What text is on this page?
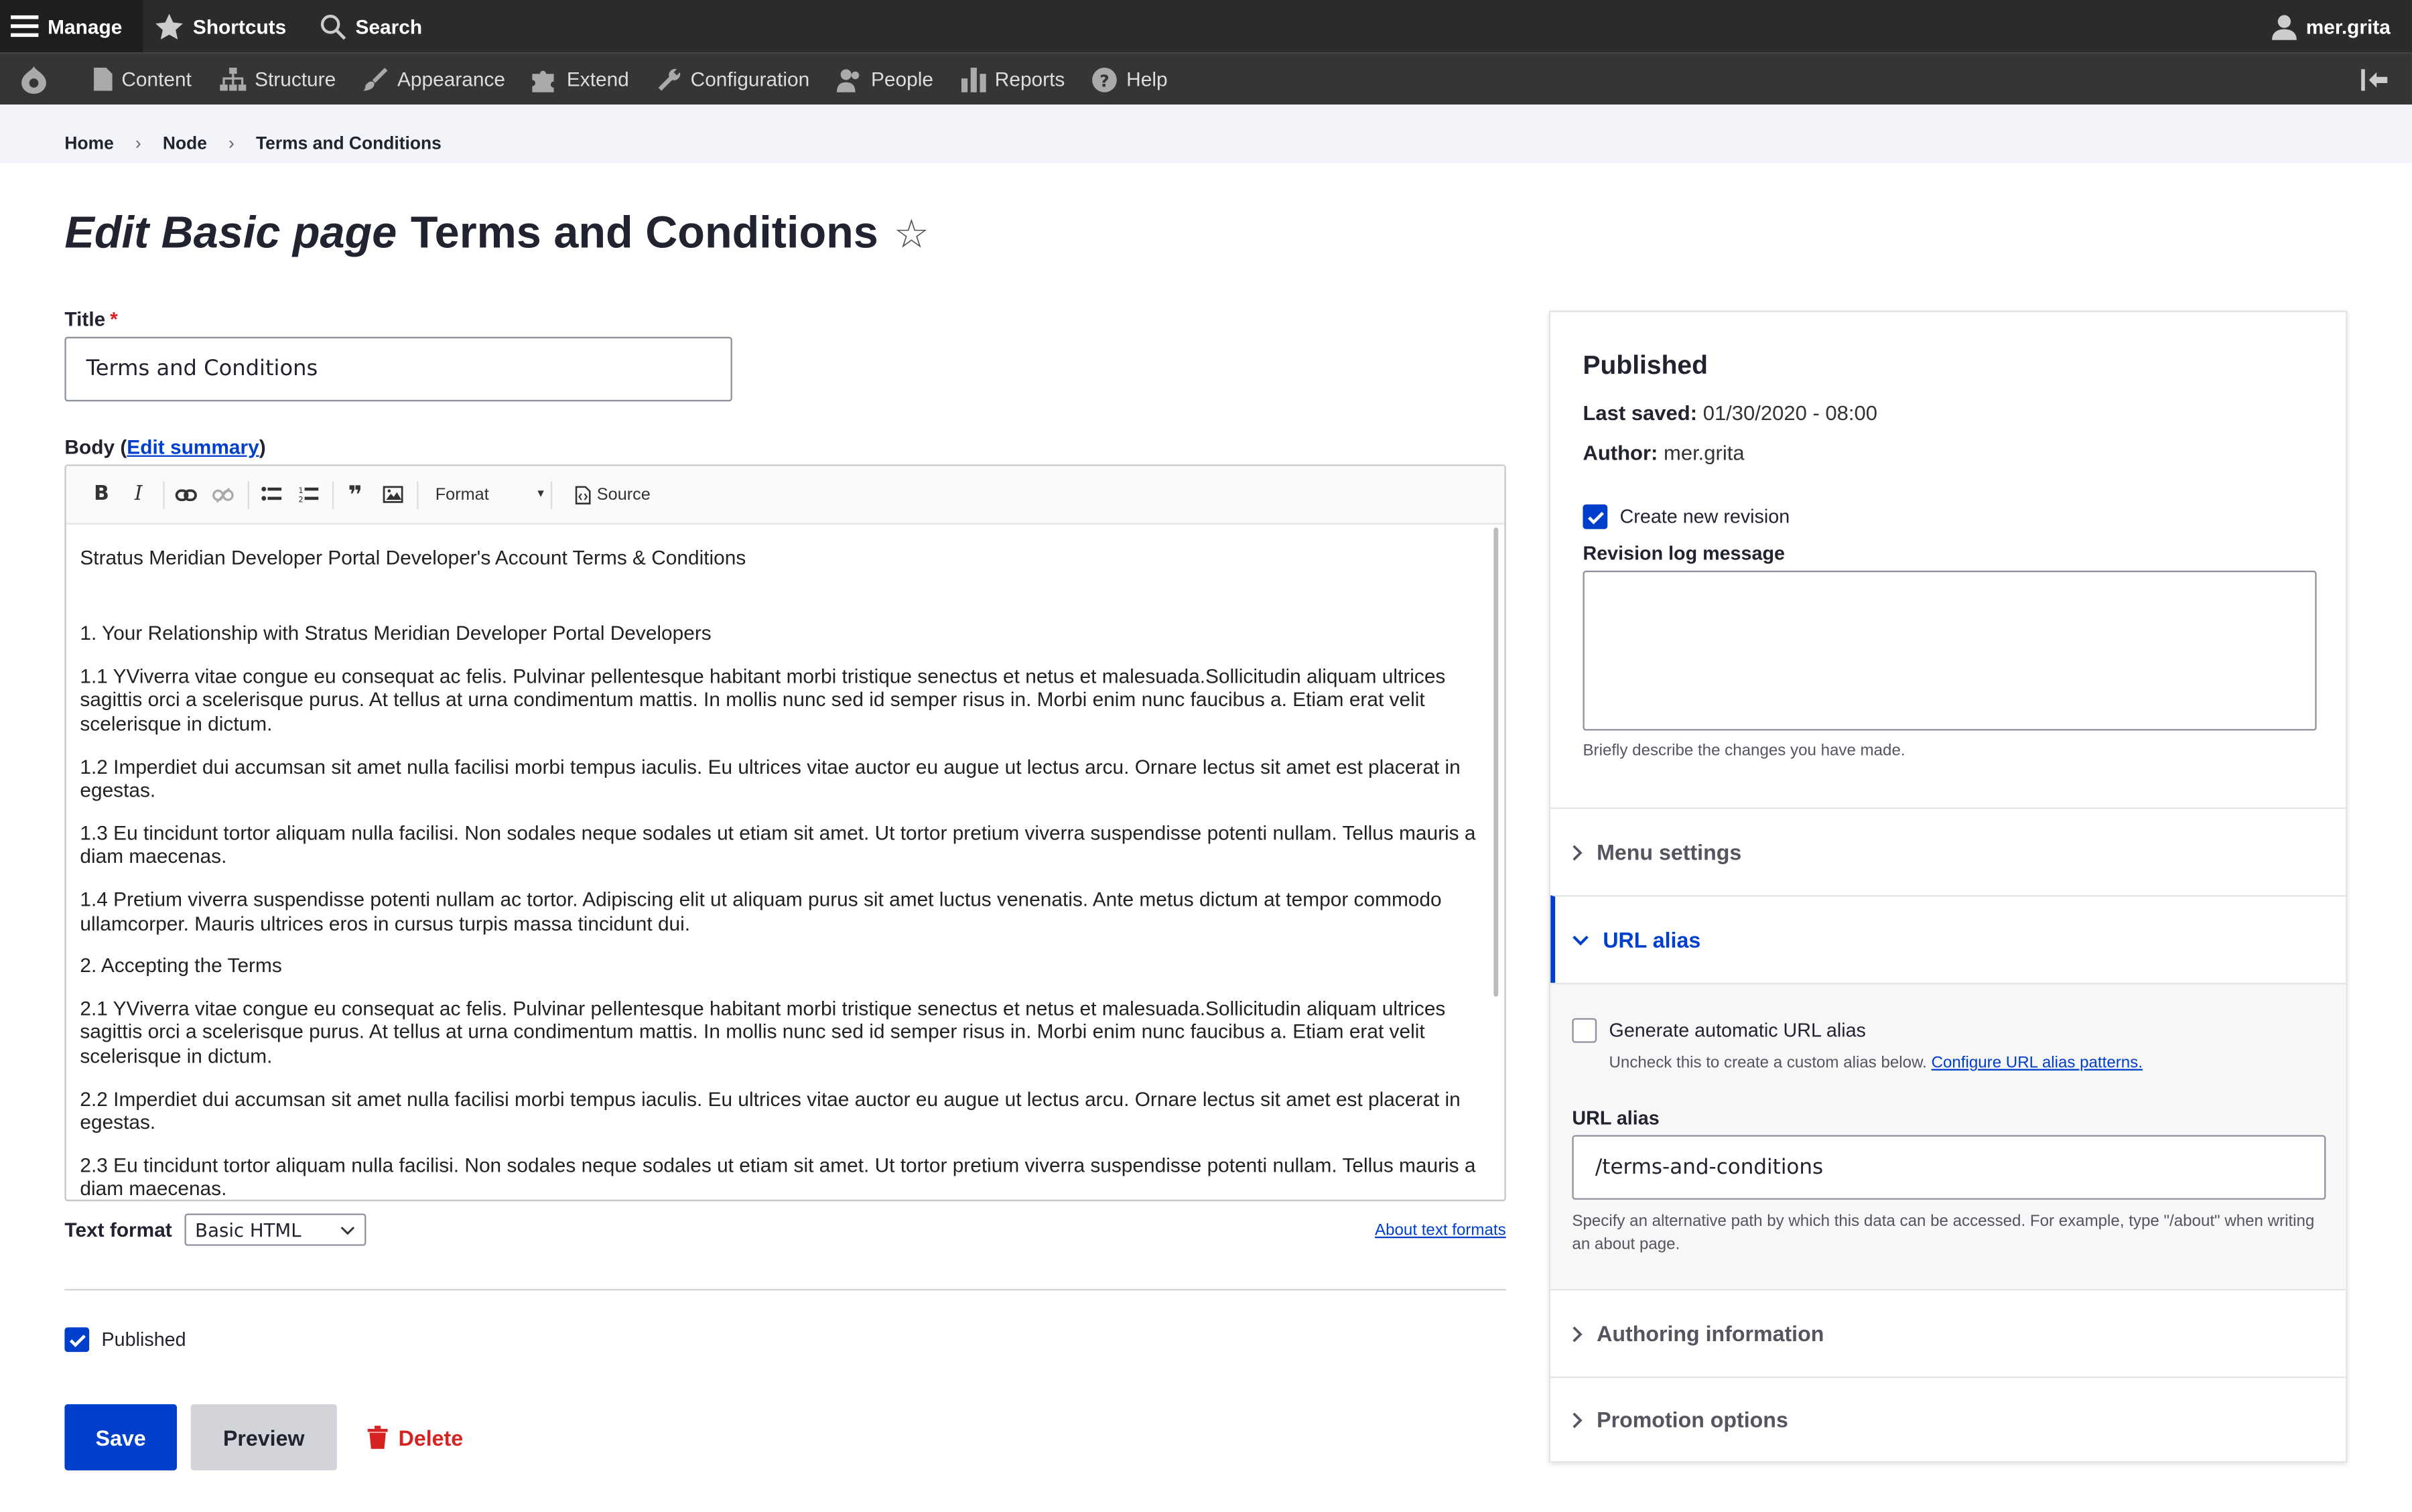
Manage	Shortcuts	Search	mer.grita
Content	Structure	Appearance	Extend	Configuration	People	Reports	? Help
Home	›	Node	›	Terms and Conditions
Edit Basic page Terms and Conditions ☆
Title *
Terms and Conditions
Body (Edit summary)
B	I	1
2	❞	Format	▼	Source

Stratus Meridian Developer Portal Developer's Account Terms & Conditions

1. Your Relationship with Stratus Meridian Developer Portal Developers

1.1 YViverra vitae congue eu consequat ac felis. Pulvinar pellentesque habitant morbi tristique senectus et netus et malesuada.Sollicitudin aliquam ultrices sagittis orci a scelerisque purus. At tellus at urna condimentum mattis. In mollis nunc sed id semper risus in. Morbi enim nunc faucibus a. Etiam erat velit scelerisque in dictum.

1.2 Imperdiet dui accumsan sit amet nulla facilisi morbi tempus iaculis. Eu ultrices vitae auctor eu augue ut lectus arcu. Ornare lectus sit amet est placerat in egestas.

1.3 Eu tincidunt tortor aliquam nulla facilisi. Non sodales neque sodales ut etiam sit amet. Ut tortor pretium viverra suspendisse potenti nullam. Tellus mauris a diam maecenas.

1.4 Pretium viverra suspendisse potenti nullam ac tortor. Adipiscing elit ut aliquam purus sit amet luctus venenatis. Ante metus dictum at tempor commodo ullamcorper. Mauris ultrices eros in cursus turpis massa tincidunt dui.

2. Accepting the Terms

2.1 YViverra vitae congue eu consequat ac felis. Pulvinar pellentesque habitant morbi tristique senectus et netus et malesuada.Sollicitudin aliquam ultrices sagittis orci a scelerisque purus. At tellus at urna condimentum mattis. In mollis nunc sed id semper risus in. Morbi enim nunc faucibus a. Etiam erat velit scelerisque in dictum.

2.2 Imperdiet dui accumsan sit amet nulla facilisi morbi tempus iaculis. Eu ultrices vitae auctor eu augue ut lectus arcu. Ornare lectus sit amet est placerat in egestas.

2.3 Eu tincidunt tortor aliquam nulla facilisi. Non sodales neque sodales ut etiam sit amet. Ut tortor pretium viverra suspendisse potenti nullam. Tellus mauris a diam maecenas.

Text format	Basic HTML	About text formats
Published
Save	Preview	Delete
Published
Last saved: 01/30/2020 - 08:00
Author: mer.grita
Create new revision
Revision log message
Briefly describe the changes you have made.
Menu settings
URL alias
Generate automatic URL alias
Uncheck this to create a custom alias below. Configure URL alias patterns.
URL alias
/terms-and-conditions
Specify an alternative path by which this data can be accessed. For example, type "/about" when writing an about page.
Authoring information
Promotion options
